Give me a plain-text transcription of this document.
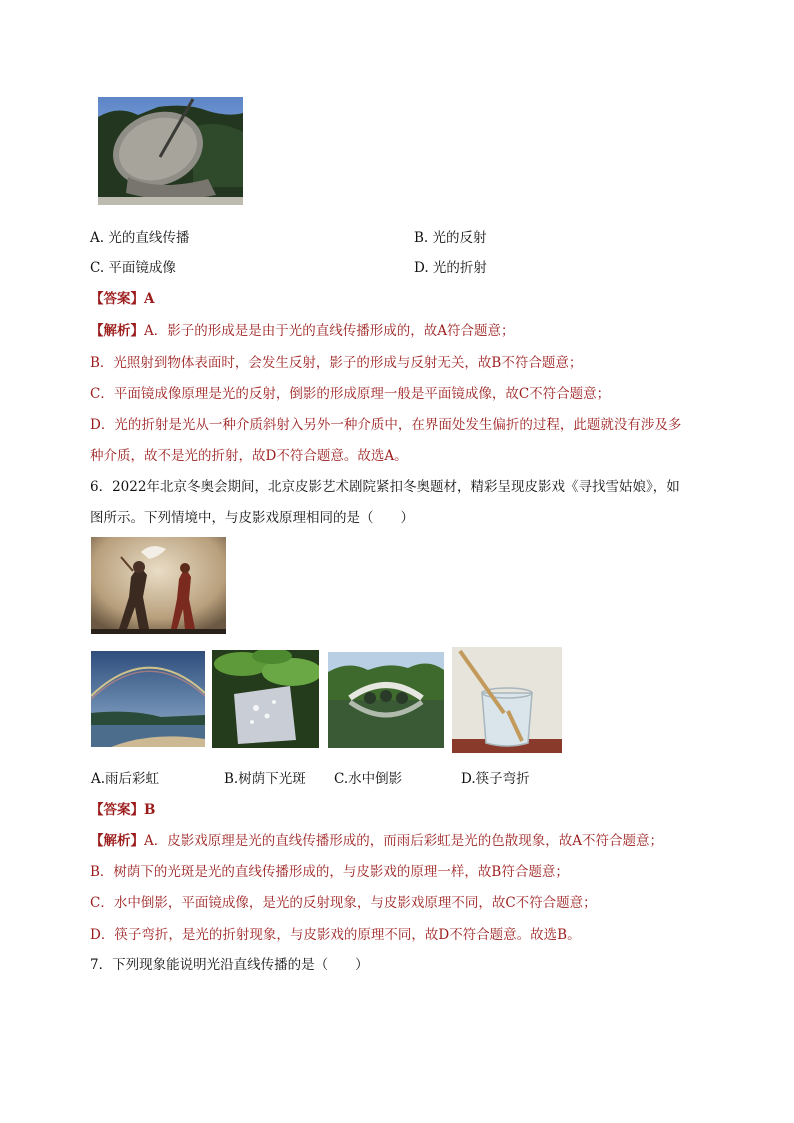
A. 光的直线传播	B. 光的反射
C. 平面镜成像	D. 光的折射
【答案】A
【解析】A．影子的形成是是由于光的直线传播形成的，故A符合题意；
B．光照射到物体表面时，会发生反射，影子的形成与反射无关，故B不符合题意；
C．平面镜成像原理是光的反射，倒影的形成原理一般是平面镜成像，故C不符合题意；
D．光的折射是光从一种介质斜射入另外一种介质中，在界面处发生偏折的过程，此题就没有涉及多
种介质，故不是光的折射，故D不符合题意。故选A。
6．2022年北京冬奥会期间，北京皮影艺术剧院紧扣冬奥题材，精彩呈现皮影戏《寻找雪姑娘》，如
图所示。下列情境中，与皮影戏原理相同的是（　　）
A.雨后彩虹	B.树荫下光斑 C.水中倒影	D.筷子弯折
【答案】B
【解析】A．皮影戏原理是光的直线传播形成的，而雨后彩虹是光的色散现象，故A不符合题意；
B．树荫下的光斑是光的直线传播形成的，与皮影戏的原理一样，故B符合题意；
C．水中倒影，平面镜成像，是光的反射现象，与皮影戏原理不同，故C不符合题意；
D．筷子弯折，是光的折射现象，与皮影戏的原理不同，故D不符合题意。故选B。
7．下列现象能说明光沿直线传播的是（　　）
